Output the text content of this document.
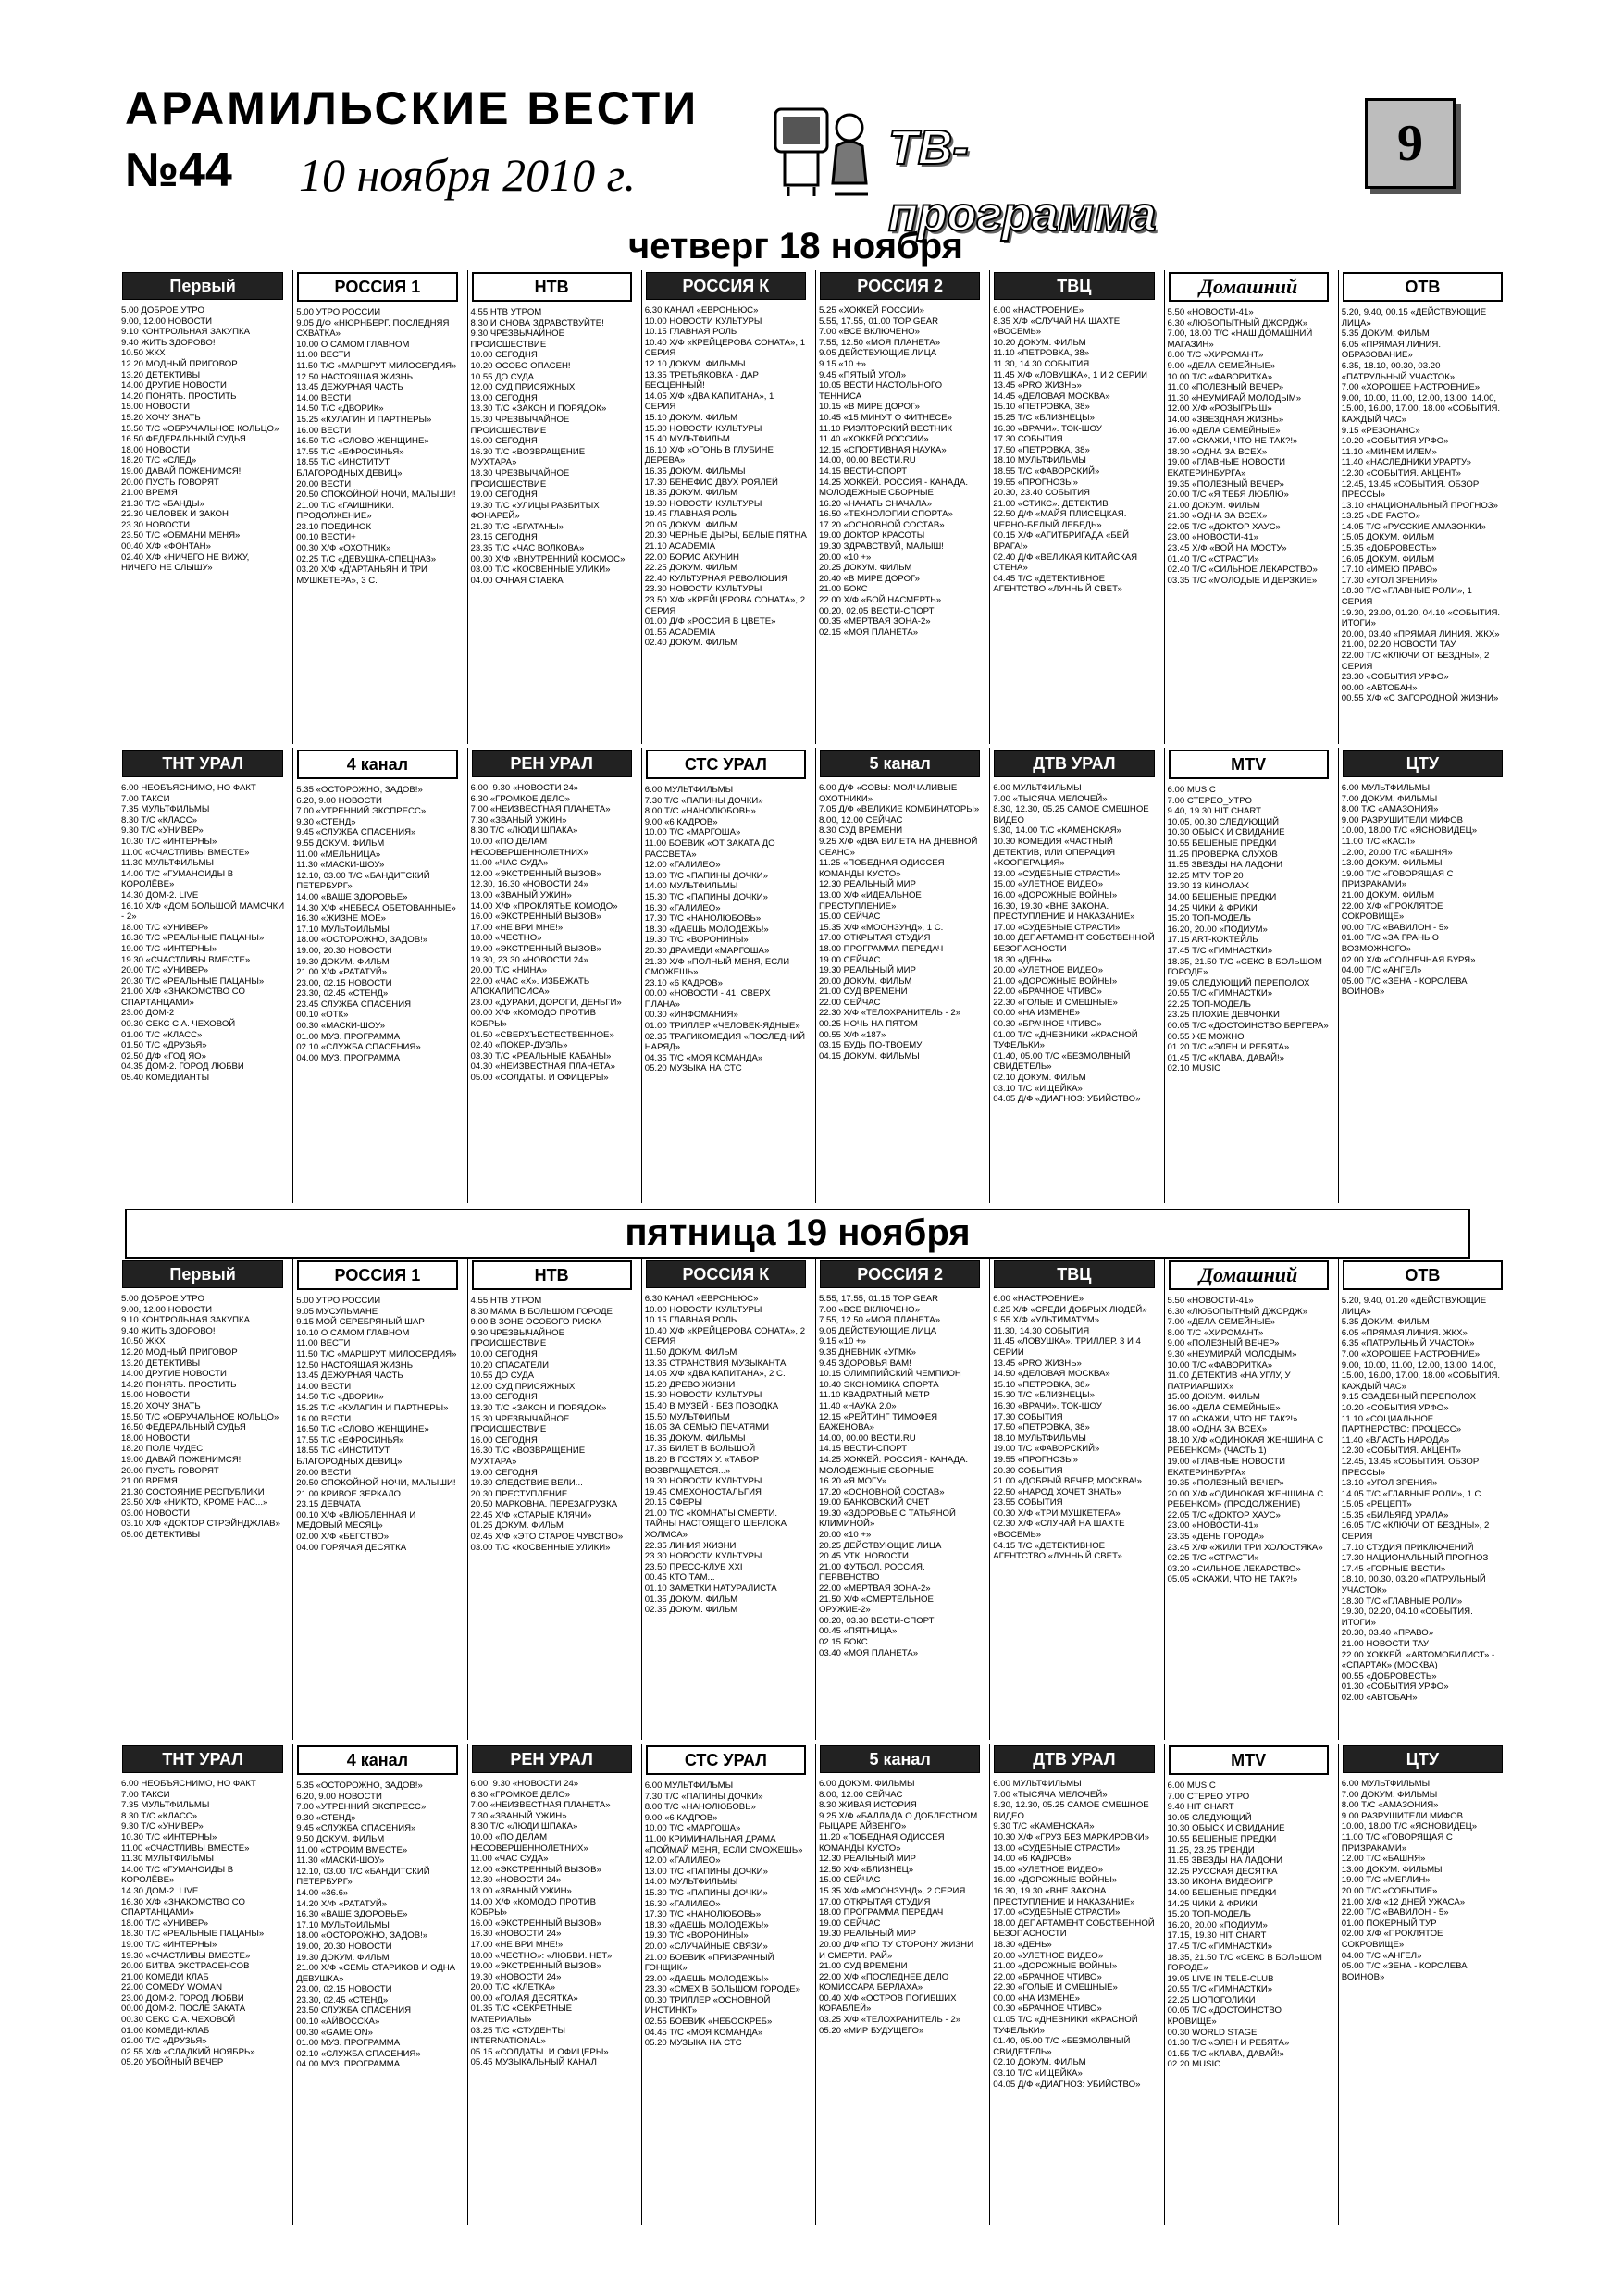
АРАМИЛЬСКИЕ ВЕСТИ
№44 10 ноября 2010 г.	ТВ-программа
9
четверг 18 ноября
Первый
5.00 ДОБРОЕ УТРО
9.00, 12.00 НОВОСТИ
9.10 КОНТРОЛЬНАЯ ЗАКУПКА
9.40 ЖИТЬ ЗДОРОВО!
10.50 ЖКХ
12.20 МОДНЫЙ ПРИГОВОР
13.20 ДЕТЕКТИВЫ
14.00 ДРУГИЕ НОВОСТИ
14.20 ПОНЯТЬ. ПРОСТИТЬ
15.00 НОВОСТИ
15.20 ХОЧУ ЗНАТЬ
15.50 Т/С «ОБРУЧАЛЬНОЕ КОЛЬЦО»
16.50 ФЕДЕРАЛЬНЫЙ СУДЬЯ
18.00 НОВОСТИ
18.20 Т/С «СЛЕД»
19.00 ДАВАЙ ПОЖЕНИМСЯ!
20.00 ПУСТЬ ГОВОРЯТ
21.00 ВРЕМЯ
21.30 Т/С «БАНДЫ»
22.30 ЧЕЛОВЕК И ЗАКОН
23.30 НОВОСТИ
23.50 Т/С «ОБМАНИ МЕНЯ»
00.40 Х/Ф «ФОНТАН»
02.40 Х/Ф «НИЧЕГО НЕ ВИЖУ, НИЧЕГО НЕ СЛЫШУ»
РОССИЯ 1
5.00 УТРО РОССИИ
9.05 Д/Ф «НЮРНБЕРГ. ПОСЛЕДНЯЯ СХВАТКА»
10.00 О САМОМ ГЛАВНОМ
11.00 ВЕСТИ
11.50 Т/С «МАРШРУТ МИЛОСЕРДИЯ»
12.50 НАСТОЯЩАЯ ЖИЗНЬ
13.45 ДЕЖУРНАЯ ЧАСТЬ
14.00 ВЕСТИ
14.50 Т/С «ДВОРИК»
15.25 «КУЛАГИН И ПАРТНЕРЫ»
16.00 ВЕСТИ
16.50 Т/С «СЛОВО ЖЕНЩИНЕ»
17.55 Т/С «ЕФРОСИНЬЯ»
18.55 Т/С «ИНСТИТУТ БЛАГОРОДНЫХ ДЕВИЦ»
20.00 ВЕСТИ
20.50 СПОКОЙНОЙ НОЧИ, МАЛЫШИ!
21.00 Т/С «ГАИШНИКИ. ПРОДОЛЖЕНИЕ»
23.10 ПОЕДИНОК
00.10 ВЕСТИ+
00.30 Х/Ф «ОХОТНИК»
02.25 Т/С «ДЕВУШКА-СПЕЦНАЗ»
03.20 Х/Ф «Д'АРТАНЬЯН И ТРИ МУШКЕТЕРА», 3 С.
НТВ
4.55 НТВ УТРОМ
8.30 И СНОВА ЗДРАВСТВУЙТЕ!
9.30 ЧРЕЗВЫЧАЙНОЕ ПРОИСШЕСТВИЕ
10.00 СЕГОДНЯ
10.20 ОСОБО ОПАСЕН!
10.55 ДО СУДА
12.00 СУД ПРИСЯЖНЫХ
13.00 СЕГОДНЯ
13.30 Т/С «ЗАКОН И ПОРЯДОК»
15.30 ЧРЕЗВЫЧАЙНОЕ ПРОИСШЕСТВИЕ
16.00 СЕГОДНЯ
16.30 Т/С «ВОЗВРАЩЕНИЕ МУХТАРА»
18.30 ЧРЕЗВЫЧАЙНОЕ ПРОИСШЕСТВИЕ
19.00 СЕГОДНЯ
19.30 Т/С «УЛИЦЫ РАЗБИТЫХ ФОНАРЕЙ»
21.30 Т/С «БРАТАНЫ»
23.15 СЕГОДНЯ
23.35 Т/С «ЧАС ВОЛКОВА»
00.30 Х/Ф «ВНУТРЕННИЙ КОСМОС»
03.00 Т/С «КОСВЕННЫЕ УЛИКИ»
04.00 ОЧНАЯ СТАВКА
РОССИЯ К
6.30 КАНАЛ «ЕВРОНЬЮС»
10.00 НОВОСТИ КУЛЬТУРЫ
10.15 ГЛАВНАЯ РОЛЬ
10.40 Х/Ф «КРЕЙЦЕРОВА СОНАТА», 1 СЕРИЯ
12.10 ДОКУМ. ФИЛЬМЫ
13.35 ТРЕТЬЯКОВКА - ДАР БЕСЦЕННЫЙ!
14.05 Х/Ф «ДВА КАПИТАНА», 1 СЕРИЯ
15.10 ДОКУМ. ФИЛЬМ
15.30 НОВОСТИ КУЛЬТУРЫ
15.40 МУЛЬТФИЛЬМ
16.10 Х/Ф «ОГОНЬ В ГЛУБИНЕ ДЕРЕВА»
16.35 ДОКУМ. ФИЛЬМЫ
17.30 БЕНЕФИС ДВУХ РОЯЛЕЙ
18.35 ДОКУМ. ФИЛЬМ
19.30 НОВОСТИ КУЛЬТУРЫ
19.45 ГЛАВНАЯ РОЛЬ
20.05 ДОКУМ. ФИЛЬМ
20.30 ЧЕРНЫЕ ДЫРЫ, БЕЛЫЕ ПЯТНА
21.10 ACADEMIA
22.00 БОРИС АКУНИН
22.25 ДОКУМ. ФИЛЬМ
22.40 КУЛЬТУРНАЯ РЕВОЛЮЦИЯ
23.30 НОВОСТИ КУЛЬТУРЫ
23.50 Х/Ф «КРЕЙЦЕРОВА СОНАТА», 2 СЕРИЯ
01.00 Д/Ф «РОССИЯ В ЦВЕТЕ»
01.55 ACADEMIA
02.40 ДОКУМ. ФИЛЬМ
РОССИЯ 2
5.25 «ХОККЕЙ РОССИИ»
5.55, 17.55, 01.00 TOP GEAR
7.00 «ВСЕ ВКЛЮЧЕНО»
7.55, 12.50 «МОЯ ПЛАНЕТА»
9.05 ДЕЙСТВУЮЩИЕ ЛИЦА
9.15 «10 +»
9.45 «ПЯТЫЙ УГОЛ»
10.05 ВЕСТИ НАСТОЛЬНОГО ТЕННИСА
10.15 «В МИРЕ ДОРОГ»
10.45 «15 МИНУТ О ФИТНЕСЕ»
11.10 РИЗЛТОРСКИЙ ВЕСТНИК
11.40 «ХОККЕЙ РОССИИ»
12.15 «СПОРТИВНАЯ НАУКА»
14.00, 00.00 ВЕСТИ.RU
14.15 ВЕСТИ-СПОРТ
14.25 ХОККЕЙ. РОССИЯ - КАНАДА. МОЛОДЕЖНЫЕ СБОРНЫЕ
16.20 «НАЧАТЬ СНАЧАЛА»
16.50 «ТЕХНОЛОГИИ СПОРТА»
17.20 «ОСНОВНОЙ СОСТАВ»
19.00 ДОКТОР КРАСОТЫ
19.30 ЗДРАВСТВУЙ, МАЛЫШ!
20.00 «10 +»
20.25 ДОКУМ. ФИЛЬМ
20.40 «В МИРЕ ДОРОГ»
21.00 БОКС
22.00 Х/Ф «БОЙ НАСМЕРТЬ»
00.20, 02.05 ВЕСТИ-СПОРТ
00.35 «МЕРТВАЯ ЗОНА-2»
02.15 «МОЯ ПЛАНЕТА»
ТВЦ
6.00 «НАСТРОЕНИЕ»
8.35 Х/Ф «СЛУЧАЙ НА ШАХТЕ «ВОСЕМЬ»
10.20 ДОКУМ. ФИЛЬМ
11.10 «ПЕТРОВКА, 38»
11.30, 14.30 СОБЫТИЯ
11.45 Х/Ф «ЛОВУШКА», 1 И 2 СЕРИИ
13.45 «PRO ЖИЗНЬ»
14.45 «ДЕЛОВАЯ МОСКВА»
15.10 «ПЕТРОВКА, 38»
15.25 Т/С «БЛИЗНЕЦЫ»
16.30 «ВРАЧИ». ТОК-ШОУ
17.30 СОБЫТИЯ
17.50 «ПЕТРОВКА, 38»
18.10 МУЛЬТФИЛЬМЫ
18.55 Т/С «ФАВОРСКИЙ»
19.55 «ПРОГНОЗЫ»
20.30, 23.40 СОБЫТИЯ
21.00 «СТИКС». ДЕТЕКТИВ
22.50 Д/Ф «МАЙЯ ПЛИСЕЦКАЯ. ЧЕРНО-БЕЛЫЙ ЛЕБЕДЬ»
00.15 Х/Ф «АГИТБРИГАДА «БЕЙ ВРАГА!»
02.40 Д/Ф «ВЕЛИКАЯ КИТАЙСКАЯ СТЕНА»
04.45 Т/С «ДЕТЕКТИВНОЕ АГЕНТСТВО «ЛУННЫЙ СВЕТ»
Домашний
5.50 «НОВОСТИ-41»
6.30 «ЛЮБОПЫТНЫЙ ДЖОРДЖ»
7.00, 18.00 Т/С «НАШ ДОМАШНИЙ МАГАЗИН»
8.00 Т/С «ХИРОМАНТ»
9.00 «ДЕЛА СЕМЕЙНЫЕ»
10.00 Т/С «ФАВОРИТКА»
11.00 «ПОЛЕЗНЫЙ ВЕЧЕР»
11.30 «НЕУМИРАЙ МОЛОДЫМ»
12.00 Х/Ф «РОЗЫГРЫШ»
14.00 «ЗВЕЗДНАЯ ЖИЗНЬ»
16.00 «ДЕЛА СЕМЕЙНЫЕ»
17.00 «СКАЖИ, ЧТО НЕ ТАК?!»
18.30 «ОДНА ЗА ВСЕХ»
19.00 «ГЛАВНЫЕ НОВОСТИ ЕКАТЕРИНБУРГА»
19.35 «ПОЛЕЗНЫЙ ВЕЧЕР»
20.00 Т/С «Я ТЕБЯ ЛЮБЛЮ»
21.00 ДОКУМ. ФИЛЬМ
21.30 «ОДНА ЗА ВСЕХ»
22.05 Т/С «ДОКТОР ХАУС»
23.00 «НОВОСТИ-41»
23.45 Х/Ф «ВОЙ НА МОСТУ»
01.40 Т/С «СТРАСТИ»
02.40 Т/С «СИЛЬНОЕ ЛЕКАРСТВО»
03.35 Т/С «МОЛОДЫЕ И ДЕРЗКИЕ»
ОТВ
5.20, 9.40, 00.15 «ДЕЙСТВУЮЩИЕ ЛИЦА»
5.35 ДОКУМ. ФИЛЬМ
6.05 «ПРЯМАЯ ЛИНИЯ. ОБРАЗОВАНИЕ»
6.35, 18.10, 00.30, 03.20 «ПАТРУЛЬНЫЙ УЧАСТОК»
7.00 «ХОРОШЕЕ НАСТРОЕНИЕ»
9.00, 10.00, 11.00, 12.00, 13.00, 14.00, 15.00, 16.00, 17.00, 18.00 «СОБЫТИЯ. КАЖДЫЙ ЧАС»
9.15 «РЕЗОНАНС»
10.20 «СОБЫТИЯ УРФО»
11.10 «МИНЕМ ИЛЕМ»
11.40 «НАСЛЕДНИКИ УРАРТУ»
12.30 «СОБЫТИЯ. АКЦЕНТ»
12.45, 13.45 «СОБЫТИЯ. ОБЗОР ПРЕССЫ»
13.10 «НАЦИОНАЛЬНЫЙ ПРОГНОЗ»
13.25 «DE FACTO»
14.05 Т/С «РУССКИЕ АМАЗОНКИ»
15.05 ДОКУМ. ФИЛЬМ
15.35 «ДОБРОВЕСТЬ»
16.05 ДОКУМ. ФИЛЬМ
17.10 «ИМЕЮ ПРАВО»
17.30 «УГОЛ ЗРЕНИЯ»
18.30 Т/С «ГЛАВНЫЕ РОЛИ», 1 СЕРИЯ
19.30, 23.00, 01.20, 04.10 «СОБЫТИЯ. ИТОГИ»
20.00, 03.40 «ПРЯМАЯ ЛИНИЯ. ЖКХ»
21.00, 02.20 НОВОСТИ ТАУ
22.00 Т/С «КЛЮЧИ ОТ БЕЗДНЫ», 2 СЕРИЯ
23.30 «СОБЫТИЯ УРФО»
00.00 «АВТОБАН»
00.55 Х/Ф «С ЗАГОРОДНОЙ ЖИЗНИ»
ТНТ УРАЛ
6.00 НЕОБЪЯСНИМО, НО ФАКТ
7.00 ТАКСИ
7.35 МУЛЬТФИЛЬМЫ
8.30 Т/С «КЛАСС»
9.30 Т/С «УНИВЕР»
10.30 Т/С «ИНТЕРНЫ»
11.00 «СЧАСТЛИВЫ ВМЕСТЕ»
11.30 МУЛЬТФИЛЬМЫ
14.00 Т/С «ГУМАНОИДЫ В КОРОЛЁВЕ»
14.30 ДОМ-2. LIVE
16.10 Х/Ф «ДОМ БОЛЬШОЙ МАМОЧКИ - 2»
18.00 Т/С «УНИВЕР»
18.30 Т/С «РЕАЛЬНЫЕ ПАЦАНЫ»
19.00 Т/С «ИНТЕРНЫ»
19.30 «СЧАСТЛИВЫ ВМЕСТЕ»
20.00 Т/С «УНИВЕР»
20.30 Т/С «РЕАЛЬНЫЕ ПАЦАНЫ»
21.00 Х/Ф «ЗНАКОМСТВО СО СПАРТАНЦАМИ»
23.00 ДОМ-2
00.30 СЕКС С А. ЧЕХОВОЙ
01.00 Т/С «КЛАСС»
01.50 Т/С «ДРУЗЬЯ»
02.50 Д/Ф «ГОД ЯО»
04.35 ДОМ-2. ГОРОД ЛЮБВИ
05.40 КОМЕДИАНТЫ
4 канал
5.35 «ОСТОРОЖНО, ЗАДОВ!»
6.20, 9.00 НОВОСТИ
7.00 «УТРЕННИЙ ЭКСПРЕСС»
9.30 «СТЕНД»
9.45 «СЛУЖБА СПАСЕНИЯ»
9.55 ДОКУМ. ФИЛЬМ
11.00 «МЕЛЬНИЦА»
11.30 «МАСКИ-ШОУ»
12.10, 03.00 Т/С «БАНДИТСКИЙ ПЕТЕРБУРГ»
14.00 «ВАШЕ ЗДОРОВЬЕ»
14.30 Х/Ф «НЕБЕСА ОБЕТОВАННЫЕ»
16.30 «ЖИЗНЕ МОЕ»
17.10 МУЛЬТФИЛЬМЫ
18.00 «ОСТОРОЖНО, ЗАДОВ!»
19.00, 20.30 НОВОСТИ
19.30 ДОКУМ. ФИЛЬМ
21.00 Х/Ф «РАТАТУЙ»
23.00, 02.15 НОВОСТИ
23.30, 02.45 «СТЕНД»
23.45 СЛУЖБА СПАСЕНИЯ
00.10 «ОТК»
00.30 «МАСКИ-ШОУ»
01.00 МУЗ. ПРОГРАММА
02.10 «СЛУЖБА СПАСЕНИЯ»
04.00 МУЗ. ПРОГРАММА
РЕН УРАЛ
6.00, 9.30 «НОВОСТИ 24»
6.30 «ГРОМКОЕ ДЕЛО»
7.00 «НЕИЗВЕСТНАЯ ПЛАНЕТА»
7.30 «ЗВАНЫЙ УЖИН»
8.30 Т/С «ЛЮДИ ШПАКА»
10.00 «ПО ДЕЛАМ НЕСОВЕРШЕННОЛЕТНИХ»
11.00 «ЧАС СУДА»
12.00 «ЭКСТРЕННЫЙ ВЫЗОВ»
12.30, 16.30 «НОВОСТИ 24»
13.00 «ЗВАНЫЙ УЖИН»
14.00 Х/Ф «ПРОКЛЯТЬЕ КОМОДО»
16.00 «ЭКСТРЕННЫЙ ВЫЗОВ»
17.00 «НЕ ВРИ МНЕ!»
18.00 «ЧЕСТНО»
19.00 «ЭКСТРЕННЫЙ ВЫЗОВ»
19.30, 23.30 «НОВОСТИ 24»
20.00 Т/С «НИНА»
22.00 «ЧАС «Х». ИЗБЕЖАТЬ АПОКАЛИПСИСА»
23.00 «ДУРАКИ, ДОРОГИ, ДЕНЬГИ»
00.00 Х/Ф «КОМОДО ПРОТИВ КОБРЫ»
01.50 «СВЕРХЪЕСТЕСТВЕННОЕ»
02.40 «ПОКЕР-ДУЭЛЬ»
03.30 Т/С «РЕАЛЬНЫЕ КАБАНЫ»
04.30 «НЕИЗВЕСТНАЯ ПЛАНЕТА»
05.00 «СОЛДАТЫ. И ОФИЦЕРЫ»
СТС УРАЛ
6.00 МУЛЬТФИЛЬМЫ
7.30 Т/С «ПАПИНЫ ДОЧКИ»
8.00 Т/С «НАНОЛЮБОВЬ»
9.00 «6 КАДРОВ»
10.00 Т/С «МАРГОША»
11.00 БОЕВИК «ОТ ЗАКАТА ДО РАССВЕТА»
12.00 «ГАЛИЛЕО»
13.00 Т/С «ПАПИНЫ ДОЧКИ»
14.00 МУЛЬТФИЛЬМЫ
15.30 Т/С «ПАПИНЫ ДОЧКИ»
16.30 «ГАЛИЛЕО»
17.30 Т/С «НАНОЛЮБОВЬ»
18.30 «ДАЕШЬ МОЛОДЕЖЬ!»
19.30 Т/С «ВОРОНИНЫ»
20.30 ДРАМЕДИ «МАРГОША»
21.30 Х/Ф «ПОЛНЫЙ МЕНЯ, ЕСЛИ СМОЖЕШЬ»
23.10 «6 КАДРОВ»
00.00 «НОВОСТИ - 41. СВЕРХ ПЛАНА»
00.30 «ИНФОМАНИЯ»
01.00 ТРИЛЛЕР «ЧЕЛОВЕК-ЯДНЫЕ»
02.35 ТРАГИКОМЕДИЯ «ПОСЛЕДНИЙ НАРЯД»
04.35 Т/С «МОЯ КОМАНДА»
05.20 МУЗЫКА НА СТС
5 канал
6.00 Д/Ф «СОВЫ: МОЛЧАЛИВЫЕ ОХОТНИКИ»
7.05 Д/Ф «ВЕЛИКИЕ КОМБИНАТОРЫ»
8.00, 12.00 СЕЙЧАС
8.30 СУД ВРЕМЕНИ
9.25 Х/Ф «ДВА БИЛЕТА НА ДНЕВНОЙ СЕАНС»
11.25 «ПОБЕДНАЯ ОДИССЕЯ КОМАНДЫ КУСТО»
12.30 РЕАЛЬНЫЙ МИР
13.00 Х/Ф «ИДЕАЛЬНОЕ ПРЕСТУПЛЕНИЕ»
15.00 СЕЙЧАС
15.35 Х/Ф «МООНЗУНД», 1 С.
17.00 ОТКРЫТАЯ СТУДИЯ
18.00 ПРОГРАММА ПЕРЕДАЧ
19.00 СЕЙЧАС
19.30 РЕАЛЬНЫЙ МИР
20.00 ДОКУМ. ФИЛЬМ
21.00 СУД ВРЕМЕНИ
22.00 СЕЙЧАС
22.30 Х/Ф «ТЕЛОХРАНИТЕЛЬ - 2»
00.25 НОЧЬ НА ПЯТОМ
00.55 Х/Ф «187»
03.15 БУДЬ ПО-ТВОЕМУ
04.15 ДОКУМ. ФИЛЬМЫ
ДТВ УРАЛ
6.00 МУЛЬТФИЛЬМЫ
7.00 «ТЫСЯЧА МЕЛОЧЕЙ»
8.30, 12.30, 05.25 САМОЕ СМЕШНОЕ ВИДЕО
9.30, 14.00 Т/С «КАМЕНСКАЯ»
10.30 КОМЕДИЯ «ЧАСТНЫЙ ДЕТЕКТИВ, ИЛИ ОПЕРАЦИЯ «КООПЕРАЦИЯ»
13.00 «СУДЕБНЫЕ СТРАСТИ»
15.00 «УЛЕТНОЕ ВИДЕО»
16.00 «ДОРОЖНЫЕ ВОЙНЫ»
16.30, 19.30 «ВНЕ ЗАКОНА. ПРЕСТУПЛЕНИЕ И НАКАЗАНИЕ»
17.00 «СУДЕБНЫЕ СТРАСТИ»
18.00 ДЕПАРТАМЕНТ СОБСТВЕННОЙ БЕЗОПАСНОСТИ
18.30 «ДЕНЬ»
20.00 «УЛЕТНОЕ ВИДЕО»
21.00 «ДОРОЖНЫЕ ВОЙНЫ»
22.00 «БРАЧНОЕ ЧТИВО»
22.30 «ГОЛЫЕ И СМЕШНЫЕ»
00.00 «НА ИЗМЕНЕ»
00.30 «БРАЧНОЕ ЧТИВО»
01.00 Т/С «ДНЕВНИКИ «КРАСНОЙ ТУФЕЛЬКИ»
01.40, 05.00 Т/С «БЕЗМОЛВНЫЙ СВИДЕТЕЛЬ»
02.10 ДОКУМ. ФИЛЬМ
03.10 Т/С «ИЩЕЙКА»
04.05 Д/Ф «ДИАГНОЗ: УБИЙСТВО»
MTV
6.00 MUSIC
7.00 СТЕРЕО_УТРО
9.40, 19.30 HIT CHART
10.05, 00.30 СЛЕДУЮЩИЙ
10.30 ОБЫСК И СВИДАНИЕ
10.55 БЕШЕНЫЕ ПРЕДКИ
11.25 ПРОВЕРКА СЛУХОВ
11.55 ЗВЕЗДЫ НА ЛАДОНИ
12.25 MTV TOP 20
13.30 13 КИНОЛАЖ
14.00 БЕШЕНЫЕ ПРЕДКИ
14.25 ЧИКИ & ФРИКИ
15.20 ТОП-МОДЕЛЬ
16.20, 20.00 «ПОДИУМ»
17.15 ART-КОКТЕЙЛЬ
17.45 Т/С «ГИМНАСТКИ»
18.35, 21.50 Т/С «СЕКС В БОЛЬШОМ ГОРОДЕ»
19.05 СЛЕДУЮЩИЙ ПЕРЕПОЛОХ
20.55 Т/С «ГИМНАСТКИ»
22.25 ТОП-МОДЕЛЬ
23.25 ПЛОХИЕ ДЕВЧОНКИ
00.05 Т/С «ДОСТОИНСТВО БЕРГЕРА»
00.55 ЖЕ МОЖНО
01.20 Т/С «ЭЛЕН И РЕБЯТА»
01.45 Т/С «КЛАВА, ДАВАЙ!»
02.10 MUSIC
ЦТУ
6.00 МУЛЬТФИЛЬМЫ
7.00 ДОКУМ. ФИЛЬМЫ
8.00 Т/С «АМАЗОНИЯ»
9.00 РАЗРУШИТЕЛИ МИФОВ
10.00, 18.00 Т/С «ЯСНОВИДЕЦ»
11.00 Т/С «КАСЛ»
12.00, 20.00 Т/С «БАШНЯ»
13.00 ДОКУМ. ФИЛЬМЫ
19.00 Т/С «ГОВОРЯЩАЯ С ПРИЗРАКАМИ»
21.00 ДОКУМ. ФИЛЬМ
22.00 Х/Ф «ПРОКЛЯТОЕ СОКРОВИЩЕ»
00.00 Т/С «ВАВИЛОН - 5»
01.00 Т/С «ЗА ГРАНЬЮ ВОЗМОЖНОГО»
02.00 Х/Ф «СОЛНЕЧНАЯ БУРЯ»
04.00 Т/С «АНГЕЛ»
05.00 Т/С «ЗЕНА - КОРОЛЕВА ВОИНОВ»
пятница 19 ноября
Первый
5.00 ДОБРОЕ УТРО
9.00, 12.00 НОВОСТИ
9.10 КОНТРОЛЬНАЯ ЗАКУПКА
9.40 ЖИТЬ ЗДОРОВО!
10.50 ЖКХ
12.20 МОДНЫЙ ПРИГОВОР
13.20 ДЕТЕКТИВЫ
14.00 ДРУГИЕ НОВОСТИ
14.20 ПОНЯТЬ. ПРОСТИТЬ
15.00 НОВОСТИ
15.20 ХОЧУ ЗНАТЬ
15.50 Т/С «ОБРУЧАЛЬНОЕ КОЛЬЦО»
16.50 ФЕДЕРАЛЬНЫЙ СУДЬЯ
18.00 НОВОСТИ
18.20 ПОЛЕ ЧУДЕС
19.00 ДАВАЙ ПОЖЕНИМСЯ!
20.00 ПУСТЬ ГОВОРЯТ
21.00 ВРЕМЯ
21.30 СОСТОЯНИЕ РЕСПУБЛИКИ
23.50 Х/Ф «НИКТО, КРОМЕ НАС...»
03.00 НОВОСТИ
03.10 Х/Ф «ДОКТОР СТРЭЙНДЖЛАВ»
05.00 ДЕТЕКТИВЫ
РОССИЯ 1
5.00 УТРО РОССИИ
9.05 МУСУЛЬМАНЕ
9.15 МОЙ СЕРЕБРЯНЫЙ ШАР
10.10 О САМОМ ГЛАВНОМ
11.00 ВЕСТИ
11.50 Т/С «МАРШРУТ МИЛОСЕРДИЯ»
12.50 НАСТОЯЩАЯ ЖИЗНЬ
13.45 ДЕЖУРНАЯ ЧАСТЬ
14.00 ВЕСТИ
14.50 Т/С «ДВОРИК»
15.25 Т/С «КУЛАГИН И ПАРТНЕРЫ»
16.00 ВЕСТИ
16.50 Т/С «СЛОВО ЖЕНЩИНЕ»
17.55 Т/С «ЕФРОСИНЬЯ»
18.55 Т/С «ИНСТИТУТ БЛАГОРОДНЫХ ДЕВИЦ»
20.00 ВЕСТИ
20.50 СПОКОЙНОЙ НОЧИ, МАЛЫШИ!
21.00 КРИВОЕ ЗЕРКАЛО
23.15 ДЕВЧАТА
00.10 Х/Ф «ВЛЮБЛЕННАЯ И МЕДОВЫЙ МЕСЯЦ»
02.00 Х/Ф «БЕГСТВО»
04.00 ГОРЯЧАЯ ДЕСЯТКА
НТВ
4.55 НТВ УТРОМ
8.30 МАМА В БОЛЬШОМ ГОРОДЕ
9.00 В ЗОНЕ ОСОБОГО РИСКА
9.30 ЧРЕЗВЫЧАЙНОЕ ПРОИСШЕСТВИЕ
10.00 СЕГОДНЯ
10.20 СПАСАТЕЛИ
10.55 ДО СУДА
12.00 СУД ПРИСЯЖНЫХ
13.00 СЕГОДНЯ
13.30 Т/С «ЗАКОН И ПОРЯДОК»
15.30 ЧРЕЗВЫЧАЙНОЕ ПРОИСШЕСТВИЕ
16.00 СЕГОДНЯ
16.30 Т/С «ВОЗВРАЩЕНИЕ МУХТАРА»
19.00 СЕГОДНЯ
19.30 СЛЕДСТВИЕ ВЕЛИ...
20.30 ПРЕСТУПЛЕНИЕ
20.50 МАРКОВНА. ПЕРЕЗАГРУЗКА
22.45 Х/Ф «СТАРЫЕ КЛЯЧИ»
01.25 ДОКУМ. ФИЛЬМ
02.45 Х/Ф «ЭТО СТАРОЕ ЧУВСТВО»
03.00 Т/С «КОСВЕННЫЕ УЛИКИ»
РОССИЯ К
6.30 КАНАЛ «ЕВРОНЬЮС»
10.00 НОВОСТИ КУЛЬТУРЫ
10.15 ГЛАВНАЯ РОЛЬ
10.40 Х/Ф «КРЕЙЦЕРОВА СОНАТА», 2 СЕРИЯ
11.50 ДОКУМ. ФИЛЬМ
13.35 СТРАНСТВИЯ МУЗЫКАНТА
14.05 Х/Ф «ДВА КАПИТАНА», 2 С.
15.20 ДРЕВО ЖИЗНИ
15.30 НОВОСТИ КУЛЬТУРЫ
15.40 В МУЗЕЙ - БЕЗ ПОВОДКА
15.50 МУЛЬТФИЛЬМ
16.05 ЗА СЕМЬЮ ПЕЧАТЯМИ
16.35 ДОКУМ. ФИЛЬМЫ
17.35 БИЛЕТ В БОЛЬШОЙ
18.20 В ГОСТЯХ У. «ТАБОР ВОЗВРАЩАЕТСЯ...»
19.30 НОВОСТИ КУЛЬТУРЫ
19.45 СМЕХОНОСТАЛЬГИЯ
20.15 СФЕРЫ
21.00 Т/С «КОМНАТЫ СМЕРТИ. ТАЙНЫ НАСТОЯЩЕГО ШЕРЛОКА ХОЛМСА»
22.35 ЛИНИЯ ЖИЗНИ
23.30 НОВОСТИ КУЛЬТУРЫ
23.50 ПРЕСС-КЛУБ XXI
00.45 КТО ТАМ...
01.10 ЗАМЕТКИ НАТУРАЛИСТА
01.35 ДОКУМ. ФИЛЬМ
02.35 ДОКУМ. ФИЛЬМ
РОССИЯ 2
5.55, 17.55, 01.15 TOP GEAR
7.00 «ВСЕ ВКЛЮЧЕНО»
7.55, 12.50 «МОЯ ПЛАНЕТА»
9.05 ДЕЙСТВУЮЩИЕ ЛИЦА
9.15 «10 +»
9.35 ДНЕВНИК «УГМК»
9.45 ЗДОРОВЬЯ ВАМ!
10.15 ОЛИМПИЙСКИЙ ЧЕМПИОН
10.40 ЭКОНОМИКА СПОРТА
11.10 КВАДРАТНЫЙ МЕТР
11.40 «НАУКА 2.0»
12.15 «РЕЙТИНГ ТИМОФЕЯ БАЖЕНОВА»
14.00, 00.00 ВЕСТИ.RU
14.15 ВЕСТИ-СПОРТ
14.25 ХОККЕЙ. РОССИЯ - КАНАДА. МОЛОДЕЖНЫЕ СБОРНЫЕ
16.20 «Я МОГУ»
17.20 «ОСНОВНОЙ СОСТАВ»
19.00 БАНКОВСКИЙ СЧЕТ
19.30 «ЗДОРОВЬЕ С ТАТЬЯНОЙ КЛИМИНОЙ»
20.00 «10 +»
20.25 ДЕЙСТВУЮЩИЕ ЛИЦА
20.45 УТК: НОВОСТИ
21.00 ФУТБОЛ. РОССИЯ. ПЕРВЕНСТВО
22.00 «МЕРТВАЯ ЗОНА-2»
21.50 Х/Ф «СМЕРТЕЛЬНОЕ ОРУЖИЕ-2»
00.20, 03.30 ВЕСТИ-СПОРТ
00.45 «ПЯТНИЦА»
02.15 БОКС
03.40 «МОЯ ПЛАНЕТА»
ТВЦ
6.00 «НАСТРОЕНИЕ»
8.25 Х/Ф «СРЕДИ ДОБРЫХ ЛЮДЕЙ»
9.55 Х/Ф «УЛЬТИМАТУМ»
11.30, 14.30 СОБЫТИЯ
11.45 «ЛОВУШКА». ТРИЛЛЕР. 3 И 4 СЕРИИ
13.45 «PRO ЖИЗНЬ»
14.50 «ДЕЛОВАЯ МОСКВА»
15.10 «ПЕТРОВКА, 38»
15.30 Т/С «БЛИЗНЕЦЫ»
16.30 «ВРАЧИ». ТОК-ШОУ
17.30 СОБЫТИЯ
17.50 «ПЕТРОВКА, 38»
18.10 МУЛЬТФИЛЬМЫ
19.00 Т/С «ФАВОРСКИЙ»
19.55 «ПРОГНОЗЫ»
20.30 СОБЫТИЯ
21.00 «ДОБРЫЙ ВЕЧЕР, МОСКВА!»
22.50 «НАРОД ХОЧЕТ ЗНАТЬ»
23.55 СОБЫТИЯ
00.30 Х/Ф «ТРИ МУШКЕТЕРА»
02.30 Х/Ф «СЛУЧАЙ НА ШАХТЕ «ВОСЕМЬ»
04.15 Т/С «ДЕТЕКТИВНОЕ АГЕНТСТВО «ЛУННЫЙ СВЕТ»
Домашний
5.50 «НОВОСТИ-41»
6.30 «ЛЮБОПЫТНЫЙ ДЖОРДЖ»
7.00 «ДЕЛА СЕМЕЙНЫЕ»
8.00 Т/С «ХИРОМАНТ»
9.00 «ПОЛЕЗНЫЙ ВЕЧЕР»
9.30 «НЕУМИРАЙ МОЛОДЫМ»
10.00 Т/С «ФАВОРИТКА»
11.00 ДЕТЕКТИВ «НА УГЛУ, У ПАТРИАРШИХ»
15.00 ДОКУМ. ФИЛЬМ
16.00 «ДЕЛА СЕМЕЙНЫЕ»
17.00 «СКАЖИ, ЧТО НЕ ТАК?!»
18.00 «ОДНА ЗА ВСЕХ»
18.10 Х/Ф «ОДИНОКАЯ ЖЕНЩИНА С РЕБЕНКОМ» (ЧАСТЬ 1)
19.00 «ГЛАВНЫЕ НОВОСТИ ЕКАТЕРИНБУРГА»
19.35 «ПОЛЕЗНЫЙ ВЕЧЕР»
20.00 Х/Ф «ОДИНОКАЯ ЖЕНЩИНА С РЕБЕНКОМ» (ПРОДОЛЖЕНИЕ)
22.05 Т/С «ДОКТОР ХАУС»
23.00 «НОВОСТИ-41»
23.35 «ДЕНЬ ГОРОДА»
23.45 Х/Ф «ЖИЛИ ТРИ ХОЛОСТЯКА»
02.25 Т/С «СТРАСТИ»
03.20 «СИЛЬНОЕ ЛЕКАРСТВО»
05.05 «СКАЖИ, ЧТО НЕ ТАК?!»
ОТВ
5.20, 9.40, 01.20 «ДЕЙСТВУЮЩИЕ ЛИЦА»
5.35 ДОКУМ. ФИЛЬМ
6.05 «ПРЯМАЯ ЛИНИЯ. ЖКХ»
6.35 «ПАТРУЛЬНЫЙ УЧАСТОК»
7.00 «ХОРОШЕЕ НАСТРОЕНИЕ»
9.00, 10.00, 11.00, 12.00, 13.00, 14.00, 15.00, 16.00, 17.00, 18.00 «СОБЫТИЯ. КАЖДЫЙ ЧАС»
9.15 СВАДЕБНЫЙ ПЕРЕПОЛОХ
10.20 «СОБЫТИЯ УРФО»
11.10 «СОЦИАЛЬНОЕ ПАРТНЕРСТВО: ПРОЦЕСС»
11.40 «ВЛАСТЬ НАРОДА»
12.30 «СОБЫТИЯ. АКЦЕНТ»
12.45, 13.45 «СОБЫТИЯ. ОБЗОР ПРЕССЫ»
13.10 «УГОЛ ЗРЕНИЯ»
14.05 Т/С «ГЛАВНЫЕ РОЛИ», 1 С.
15.05 «РЕЦЕПТ»
15.35 «БИЛЬЯРД УРАЛА»
16.05 Т/С «КЛЮЧИ ОТ БЕЗДНЫ», 2 СЕРИЯ
17.10 СТУДИЯ ПРИКЛЮЧЕНИЙ
17.30 НАЦИОНАЛЬНЫЙ ПРОГНОЗ
17.45 «ГОРНЫЕ ВЕСТИ»
18.10, 00.30, 03.20 «ПАТРУЛЬНЫЙ УЧАСТОК»
18.30 Т/С «ГЛАВНЫЕ РОЛИ»
19.30, 02.20, 04.10 «СОБЫТИЯ. ИТОГИ»
20.30, 03.40 «ПРАВО»
21.00 НОВОСТИ ТАУ
22.00 ХОККЕЙ. «АВТОМОБИЛИСТ» - «СПАРТАК» (МОСКВА)
00.55 «ДОБРОВЕСТЬ»
01.30 «СОБЫТИЯ УРФО»
02.00 «АВТОБАН»
ТНТ УРАЛ
6.00 НЕОБЪЯСНИМО, НО ФАКТ
7.00 ТАКСИ
7.35 МУЛЬТФИЛЬМЫ
8.30 Т/С «КЛАСС»
9.30 Т/С «УНИВЕР»
10.30 Т/С «ИНТЕРНЫ»
11.00 «СЧАСТЛИВЫ ВМЕСТЕ»
11.30 МУЛЬТФИЛЬМЫ
14.00 Т/С «ГУМАНОИДЫ В КОРОЛЁВЕ»
14.30 ДОМ-2. LIVE
16.30 Х/Ф «ЗНАКОМСТВО СО СПАРТАНЦАМИ»
18.00 Т/С «УНИВЕР»
18.30 Т/С «РЕАЛЬНЫЕ ПАЦАНЫ»
19.00 Т/С «ИНТЕРНЫ»
19.30 «СЧАСТЛИВЫ ВМЕСТЕ»
20.00 БИТВА ЭКСТРАСЕНСОВ
21.00 КОМЕДИ КЛАБ
22.00 COMEDY WOMAN
23.00 ДОМ-2. ГОРОД ЛЮБВИ
00.00 ДОМ-2. ПОСЛЕ ЗАКАТА
00.30 СЕКС С А. ЧЕХОВОЙ
01.00 КОМЕДИ-КЛАБ
02.00 Т/С «ДРУЗЬЯ»
02.55 Х/Ф «СЛАДКИЙ НОЯБРЬ»
05.20 УБОЙНЫЙ ВЕЧЕР
4 канал
5.35 «ОСТОРОЖНО, ЗАДОВ!»
6.20, 9.00 НОВОСТИ
7.00 «УТРЕННИЙ ЭКСПРЕСС»
9.30 «СТЕНД»
9.45 «СЛУЖБА СПАСЕНИЯ»
9.50 ДОКУМ. ФИЛЬМ
11.00 «СТРОИМ ВМЕСТЕ»
11.30 «МАСКИ-ШОУ»
12.10, 03.00 Т/С «БАНДИТСКИЙ ПЕТЕРБУРГ»
14.00 «36.6»
14.20 Х/Ф «РАТАТУЙ»
16.30 «ВАШЕ ЗДОРОВЬЕ»
17.10 МУЛЬТФИЛЬМЫ
18.00 «ОСТОРОЖНО, ЗАДОВ!»
19.00, 20.30 НОВОСТИ
19.30 ДОКУМ. ФИЛЬМ
21.00 Х/Ф «СЕМЬ СТАРИКОВ И ОДНА ДЕВУШКА»
23.00, 02.15 НОВОСТИ
23.30, 02.45 «СТЕНД»
23.50 СЛУЖБА СПАСЕНИЯ
00.10 «АЙВОССКА»
00.30 «GAME ON»
01.00 МУЗ. ПРОГРАММА
02.10 «СЛУЖБА СПАСЕНИЯ»
04.00 МУЗ. ПРОГРАММА
РЕН УРАЛ
6.00, 9.30 «НОВОСТИ 24»
6.30 «ГРОМКОЕ ДЕЛО»
7.00 «НЕИЗВЕСТНАЯ ПЛАНЕТА»
7.30 «ЗВАНЫЙ УЖИН»
8.30 Т/С «ЛЮДИ ШПАКА»
10.00 «ПО ДЕЛАМ НЕСОВЕРШЕННОЛЕТНИХ»
11.00 «ЧАС СУДА»
12.00 «ЭКСТРЕННЫЙ ВЫЗОВ»
12.30 «НОВОСТИ 24»
13.00 «ЗВАНЫЙ УЖИН»
14.00 Х/Ф «КОМОДО ПРОТИВ КОБРЫ»
16.00 «ЭКСТРЕННЫЙ ВЫЗОВ»
16.30 «НОВОСТИ 24»
17.00 «НЕ ВРИ МНЕ!»
18.00 «ЧЕСТНО»: «ЛЮБВИ. НЕТ»
19.00 «ЭКСТРЕННЫЙ ВЫЗОВ»
19.30 «НОВОСТИ 24»
20.00 Т/С «КЛЕТКА»
00.00 «ГОЛАЯ ДЕСЯТКА»
01.35 Т/С «СЕКРЕТНЫЕ МАТЕРИАЛЫ»
03.25 Т/С «СТУДЕНТЫ INTERNATIONAL»
05.15 «СОЛДАТЫ. И ОФИЦЕРЫ»
05.45 МУЗЫКАЛЬНЫЙ КАНАЛ
СТС УРАЛ
6.00 МУЛЬТФИЛЬМЫ
7.30 Т/С «ПАПИНЫ ДОЧКИ»
8.00 Т/С «НАНОЛЮБОВЬ»
9.00 «6 КАДРОВ»
10.00 Т/С «МАРГОША»
11.00 КРИМИНАЛЬНАЯ ДРАМА «ПОЙМАЙ МЕНЯ, ЕСЛИ СМОЖЕШЬ»
12.00 «ГАЛИЛЕО»
13.00 Т/С «ПАПИНЫ ДОЧКИ»
14.00 МУЛЬТФИЛЬМЫ
15.30 Т/С «ПАПИНЫ ДОЧКИ»
16.30 «ГАЛИЛЕО»
17.30 Т/С «НАНОЛЮБОВЬ»
18.30 «ДАЕШЬ МОЛОДЕЖЬ!»
19.30 Т/С «ВОРОНИНЫ»
20.00 «СЛУЧАЙНЫЕ СВЯЗИ»
21.00 БОЕВИК «ПРИЗРАЧНЫЙ ГОНЩИК»
23.00 «ДАЕШЬ МОЛОДЕЖЬ!»
23.30 «СМЕХ В БОЛЬШОМ ГОРОДЕ»
00.30 ТРИЛЛЕР «ОСНОВНОЙ ИНСТИНКТ»
02.55 БОЕВИК «НЕБОСКРЕБ»
04.45 Т/С «МОЯ КОМАНДА»
05.20 МУЗЫКА НА СТС
5 канал
6.00 ДОКУМ. ФИЛЬМЫ
8.00, 12.00 СЕЙЧАС
8.30 ЖИВАЯ ИСТОРИЯ
9.25 Х/Ф «БАЛЛАДА О ДОБЛЕСТНОМ РЫЦАРЕ АЙВЕНГО»
11.20 «ПОБЕДНАЯ ОДИССЕЯ КОМАНДЫ КУСТО»
12.30 РЕАЛЬНЫЙ МИР
12.50 Х/Ф «БЛИЗНЕЦ»
15.00 СЕЙЧАС
15.35 Х/Ф «МООНЗУНД», 2 СЕРИЯ
17.00 ОТКРЫТАЯ СТУДИЯ
18.00 ПРОГРАММА ПЕРЕДАЧ
19.00 СЕЙЧАС
19.30 РЕАЛЬНЫЙ МИР
20.00 Д/Ф «ПО ТУ СТОРОНУ ЖИЗНИ И СМЕРТИ. РАЙ»
21.00 СУД ВРЕМЕНИ
22.00 Х/Ф «ПОСЛЕДНЕЕ ДЕЛО КОМИССАРА БЕРЛАХА»
00.40 Х/Ф «ОСТРОВ ПОГИБШИХ КОРАБЛЕЙ»
03.25 Х/Ф «ТЕЛОХРАНИТЕЛЬ - 2»
05.20 «МИР БУДУЩЕГО»
ДТВ УРАЛ
6.00 МУЛЬТФИЛЬМЫ
7.00 «ТЫСЯЧА МЕЛОЧЕЙ»
8.30, 12.30, 05.25 САМОЕ СМЕШНОЕ ВИДЕО
9.30 Т/С «КАМЕНСКАЯ»
10.30 Х/Ф «ГРУЗ БЕЗ МАРКИРОВКИ»
13.00 «СУДЕБНЫЕ СТРАСТИ»
14.00 «6 КАДРОВ»
15.00 «УЛЕТНОЕ ВИДЕО»
16.00 «ДОРОЖНЫЕ ВОЙНЫ»
16.30, 19.30 «ВНЕ ЗАКОНА. ПРЕСТУПЛЕНИЕ И НАКАЗАНИЕ»
17.00 «СУДЕБНЫЕ СТРАСТИ»
18.00 ДЕПАРТАМЕНТ СОБСТВЕННОЙ БЕЗОПАСНОСТИ
18.30 «ДЕНЬ»
20.00 «УЛЕТНОЕ ВИДЕО»
21.00 «ДОРОЖНЫЕ ВОЙНЫ»
22.00 «БРАЧНОЕ ЧТИВО»
22.30 «ГОЛЫЕ И СМЕШНЫЕ»
00.00 «НА ИЗМЕНЕ»
00.30 «БРАЧНОЕ ЧТИВО»
01.05 Т/С «ДНЕВНИКИ «КРАСНОЙ ТУФЕЛЬКИ»
01.40, 05.00 Т/С «БЕЗМОЛВНЫЙ СВИДЕТЕЛЬ»
02.10 ДОКУМ. ФИЛЬМ
03.10 Т/С «ИЩЕЙКА»
04.05 Д/Ф «ДИАГНОЗ: УБИЙСТВО»
MTV
6.00 MUSIC
7.00 СТЕРЕО УТРО
9.40 HIT CHART
10.05 СЛЕДУЮЩИЙ
10.30 ОБЫСК И СВИДАНИЕ
10.55 БЕШЕНЫЕ ПРЕДКИ
11.25, 23.25 ТРЕНДИ
11.55 ЗВЕЗДЫ НА ЛАДОНИ
12.25 РУССКАЯ ДЕСЯТКА
13.30 ИКОНА ВИДЕОИГР
14.00 БЕШЕНЫЕ ПРЕДКИ
14.25 ЧИКИ & ФРИКИ
15.20 ТОП-МОДЕЛЬ
16.20, 20.00 «ПОДИУМ»
17.15, 19.30 HIT CHART
17.45 Т/С «ГИМНАСТКИ»
18.35, 21.50 Т/С «СЕКС В БОЛЬШОМ ГОРОДЕ»
19.05 LIVE IN TELE-CLUB
20.55 Т/С «ГИМНАСТКИ»
22.25 ШОПОГОЛИКИ
00.05 Т/С «ДОСТОИНСТВО КРОВИЩЕ»
00.30 WORLD STAGE
01.30 Т/С «ЭЛЕН И РЕБЯТА»
01.55 Т/С «КЛАВА, ДАВАЙ!»
02.20 MUSIC
ЦТУ
6.00 МУЛЬТФИЛЬМЫ
7.00 ДОКУМ. ФИЛЬМЫ
8.00 Т/С «АМАЗОНИЯ»
9.00 РАЗРУШИТЕЛИ МИФОВ
10.00, 18.00 Т/С «ЯСНОВИДЕЦ»
11.00 Т/С «ГОВОРЯЩАЯ С ПРИЗРАКАМИ»
12.00 Т/С «БАШНЯ»
13.00 ДОКУМ. ФИЛЬМЫ
19.00 Т/С «МЕРЛИН»
20.00 Т/С «СОБЫТИЕ»
21.00 Х/Ф «12 ДНЕЙ УЖАСА»
22.00 Т/С «ВАВИЛОН - 5»
01.00 ПОКЕРНЫЙ ТУР
02.00 Х/Ф «ПРОКЛЯТОЕ СОКРОВИЩЕ»
04.00 Т/С «АНГЕЛ»
05.00 Т/С «ЗЕНА - КОРОЛЕВА ВОИНОВ»
